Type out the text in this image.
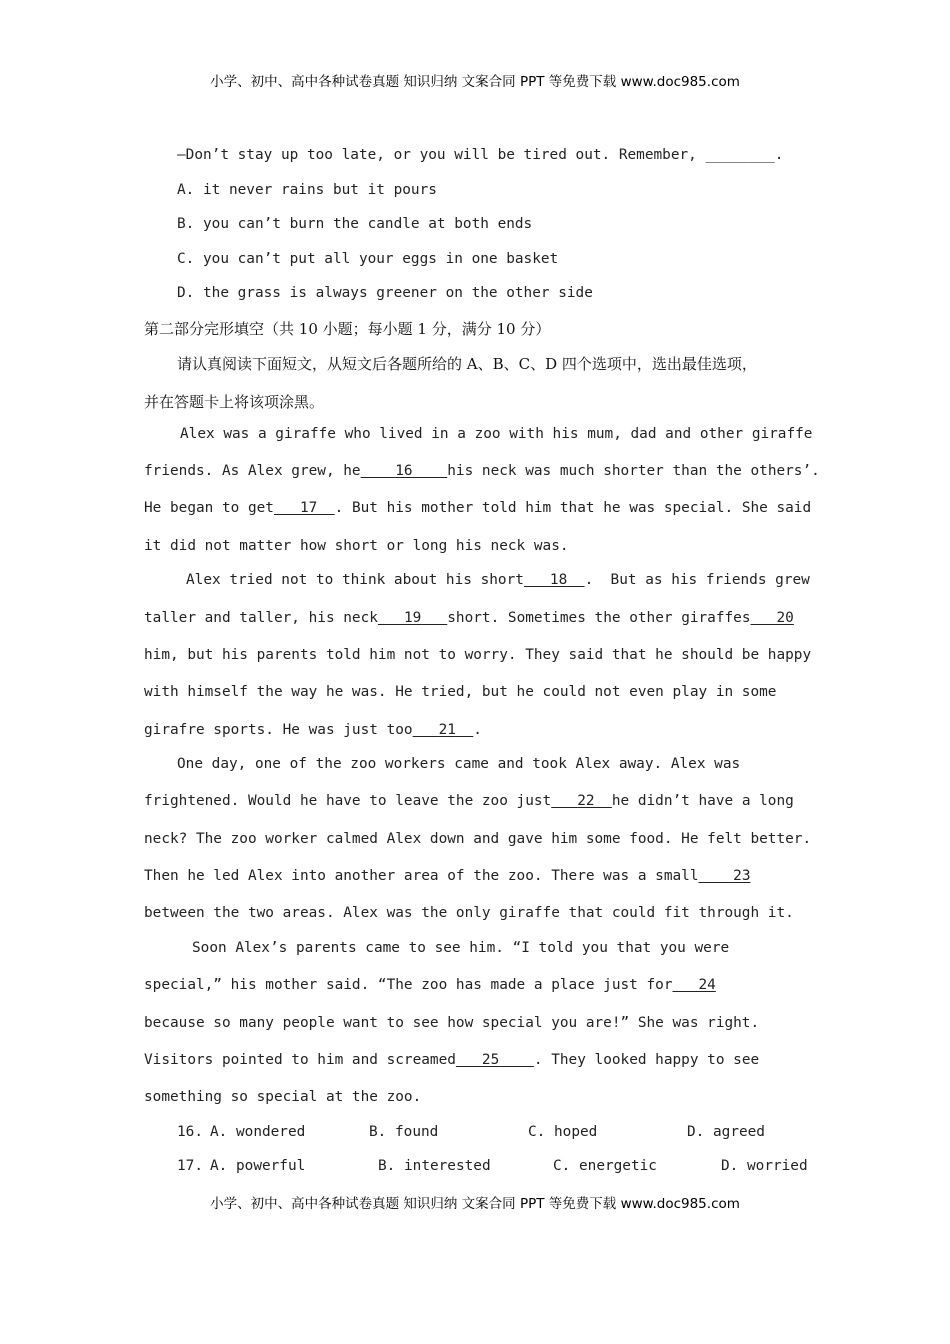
小学、初中、高中各种试卷真题 知识归纳 文案合同 PPT 等免费下载 www.doc985.com
—Don’t stay up too late, or you will be tired out. Remember, ________.
A. it never rains but it pours
B. you can’t burn the candle at both ends
C. you can’t put all your eggs in one basket
D. the grass is always greener on the other side
第二部分完形填空（共 10 小题；每小题 1 分，满分 10 分）
请认真阅读下面短文，从短文后各题所给的 A、B、C、D 四个选项中，选出最佳选项，
并在答题卡上将该项涂黑。
Alex was a giraffe who lived in a zoo with his mum, dad and other giraffe
friends. As Alex grew, he 16 his neck was much shorter than the others’.
He began to get 17 . But his mother told him that he was special. She said
it did not matter how short or long his neck was.
Alex tried not to think about his short 18 .  But as his friends grew
taller and taller, his neck 19 short. Sometimes the other giraffes 20
him, but his parents told him not to worry. They said that he should be happy
with himself the way he was. He tried, but he could not even play in some
girafre sports. He was just too 21 .
One day, one of the zoo workers came and took Alex away. Alex was
frightened. Would he have to leave the zoo just 22 he didn’t have a long
neck? The zoo worker calmed Alex down and gave him some food. He felt better.
Then he led Alex into another area of the zoo. There was a small 23
between the two areas. Alex was the only giraffe that could fit through it.
Soon Alex’s parents came to see him. “I told you that you were
special,” his mother said. “The zoo has made a place just for 24
because so many people want to see how special you are!” She was right.
Visitors pointed to him and screamed 25 . They looked happy to see
something so special at the zoo.
16. A. wondered	B. found	C. hoped	D. agreed
17. A. powerful	B. interested	C. energetic	D. worried
小学、初中、高中各种试卷真题 知识归纳 文案合同 PPT 等免费下载 www.doc985.com
